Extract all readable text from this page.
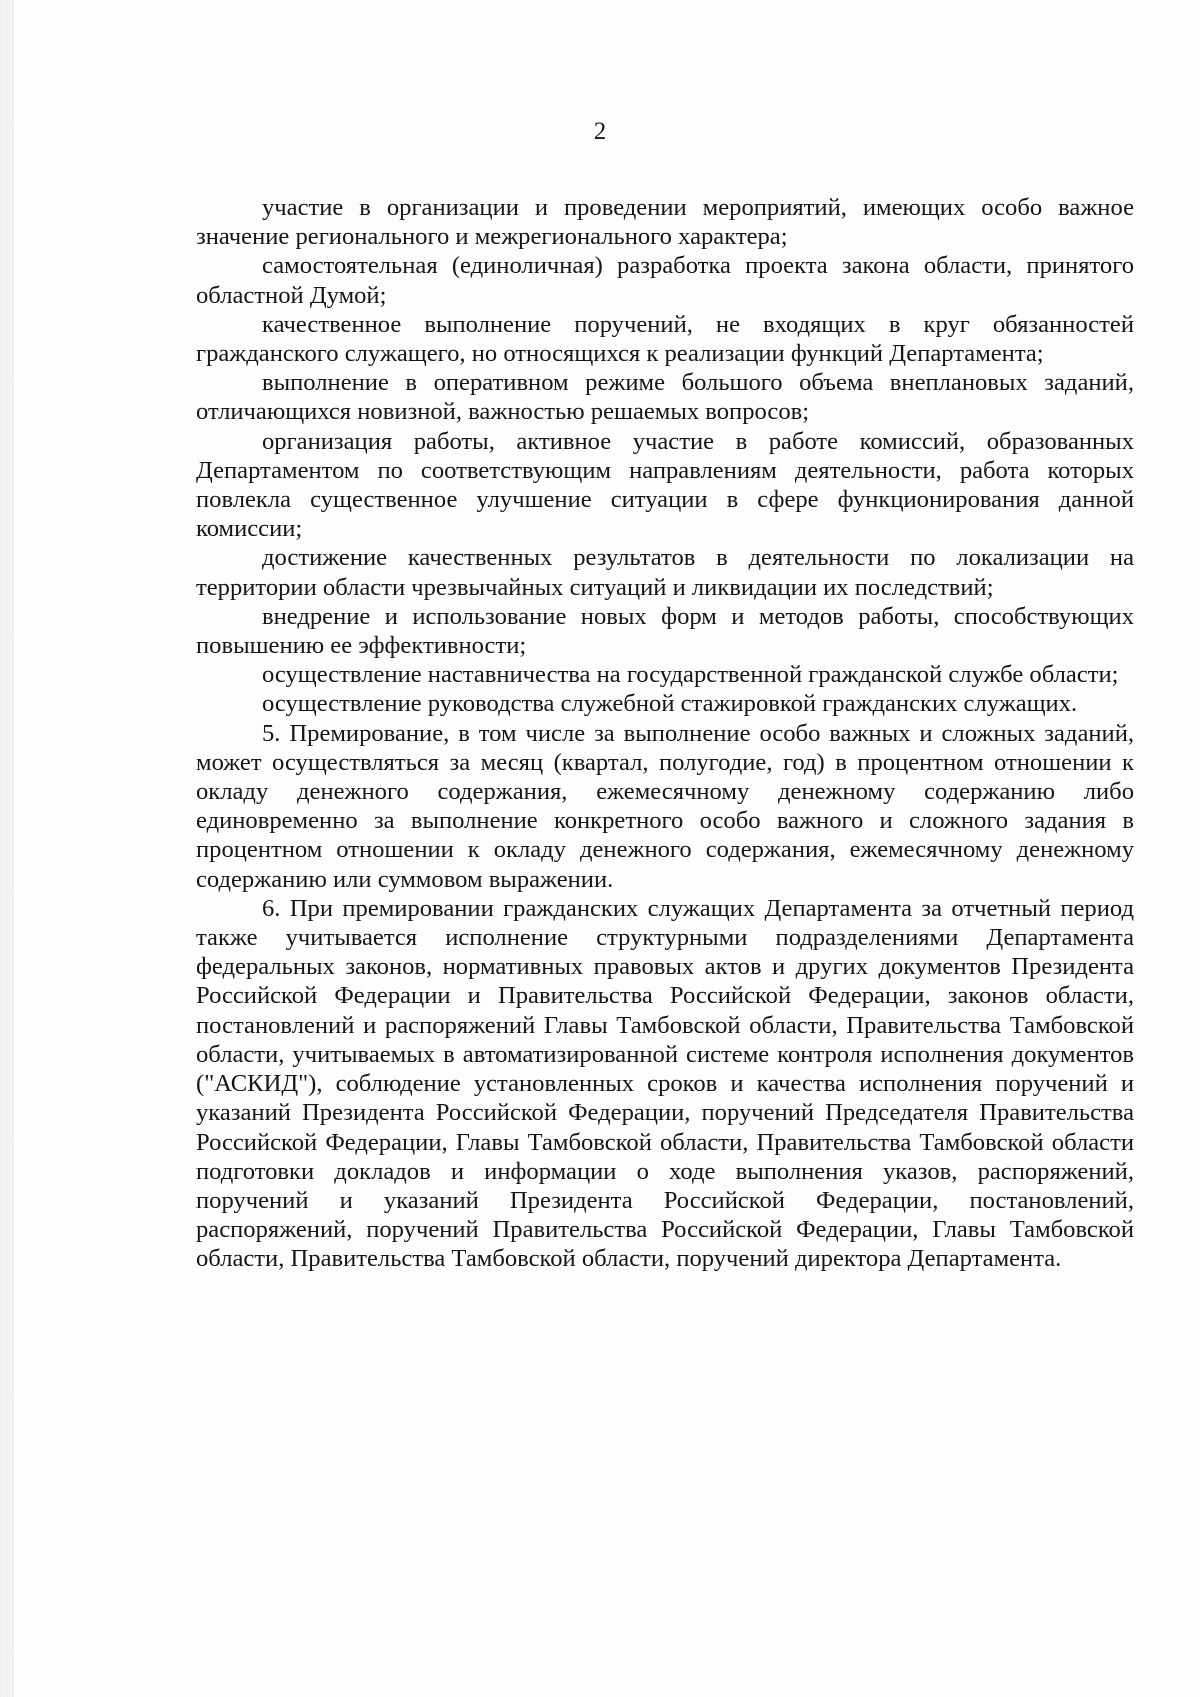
2

участие в организации и проведении мероприятий, имеющих особо важное значение регионального и межрегионального характера;

самостоятельная (единоличная) разработка проекта закона области, принятого областной Думой;

качественное выполнение поручений, не входящих в круг обязанностей гражданского служащего, но относящихся к реализации функций Департамента;

выполнение в оперативном режиме большого объема внеплановых заданий, отличающихся новизной, важностью решаемых вопросов;

организация работы, активное участие в работе комиссий, образованных Департаментом по соответствующим направлениям деятельности, работа которых повлекла существенное улучшение ситуации в сфере функционирования данной комиссии;

достижение качественных результатов в деятельности по локализации на территории области чрезвычайных ситуаций и ликвидации их последствий;

внедрение и использование новых форм и методов работы, способствующих повышению ее эффективности;

осуществление наставничества на государственной гражданской службе области;

осуществление руководства служебной стажировкой гражданских служащих.

5. Премирование, в том числе за выполнение особо важных и сложных заданий, может осуществляться за месяц (квартал, полугодие, год) в процентном отношении к окладу денежного содержания, ежемесячному денежному содержанию либо единовременно за выполнение конкретного особо важного и сложного задания в процентном отношении к окладу денежного содержания, ежемесячному денежному содержанию или суммовом выражении.

6. При премировании гражданских служащих Департамента за отчетный период также учитывается исполнение структурными подразделениями Департамента федеральных законов, нормативных правовых актов и других документов Президента Российской Федерации и Правительства Российской Федерации, законов области, постановлений и распоряжений Главы Тамбовской области, Правительства Тамбовской области, учитываемых в автоматизированной системе контроля исполнения документов ("АСКИД"), соблюдение установленных сроков и качества исполнения поручений и указаний Президента Российской Федерации, поручений Председателя Правительства Российской Федерации, Главы Тамбовской области, Правительства Тамбовской области подготовки докладов и информации о ходе выполнения указов, распоряжений, поручений и указаний Президента Российской Федерации, постановлений, распоряжений, поручений Правительства Российской Федерации, Главы Тамбовской области, Правительства Тамбовской области, поручений директора Департамента.
